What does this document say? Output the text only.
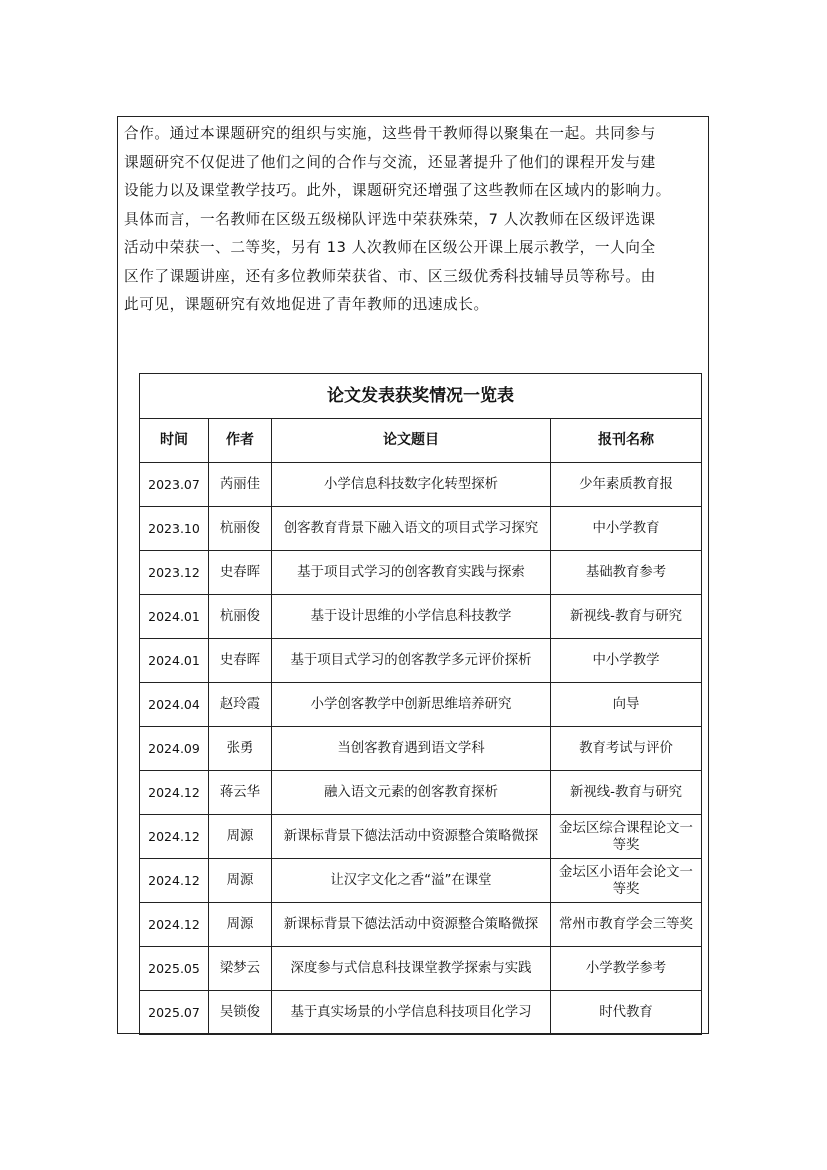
合作。通过本课题研究的组织与实施，这些骨干教师得以聚集在一起。共同参与

课题研究不仅促进了他们之间的合作与交流，还显著提升了他们的课程开发与建

设能力以及课堂教学技巧。此外，课题研究还增强了这些教师在区域内的影响力。

具体而言，一名教师在区级五级梯队评选中荣获殊荣，7 人次教师在区级评选课

活动中荣获一、二等奖，另有 13 人次教师在区级公开课上展示教学，一人向全

区作了课题讲座，还有多位教师荣获省、市、区三级优秀科技辅导员等称号。由

此可见，课题研究有效地促进了青年教师的迅速成长。

论文发表获奖情况一览表			
时间	作者	论文题目	报刊名称
2023.07	芮丽佳	小学信息科技数字化转型探析	少年素质教育报
2023.10	杭丽俊	创客教育背景下融入语文的项目式学习探究	中小学教育
2023.12	史春晖	基于项目式学习的创客教育实践与探索	基础教育参考
2024.01	杭丽俊	基于设计思维的小学信息科技教学	新视线-教育与研究
2024.01	史春晖	基于项目式学习的创客教学多元评价探析	中小学教学
2024.04	赵玲霞	小学创客教学中创新思维培养研究	向导
2024.09	张勇	当创客教育遇到语文学科	教育考试与评价
2024.12	蒋云华	融入语文元素的创客教育探析	新视线-教育与研究
2024.12	周源	新课标背景下德法活动中资源整合策略微探	金坛区综合课程论文一等奖
2024.12	周源	让汉字文化之香“溢”在课堂	金坛区小语年会论文一等奖
2024.12	周源	新课标背景下德法活动中资源整合策略微探	常州市教育学会三等奖
2025.05	梁梦云	深度参与式信息科技课堂教学探索与实践	小学教学参考
2025.07	吴锁俊	基于真实场景的小学信息科技项目化学习	时代教育
